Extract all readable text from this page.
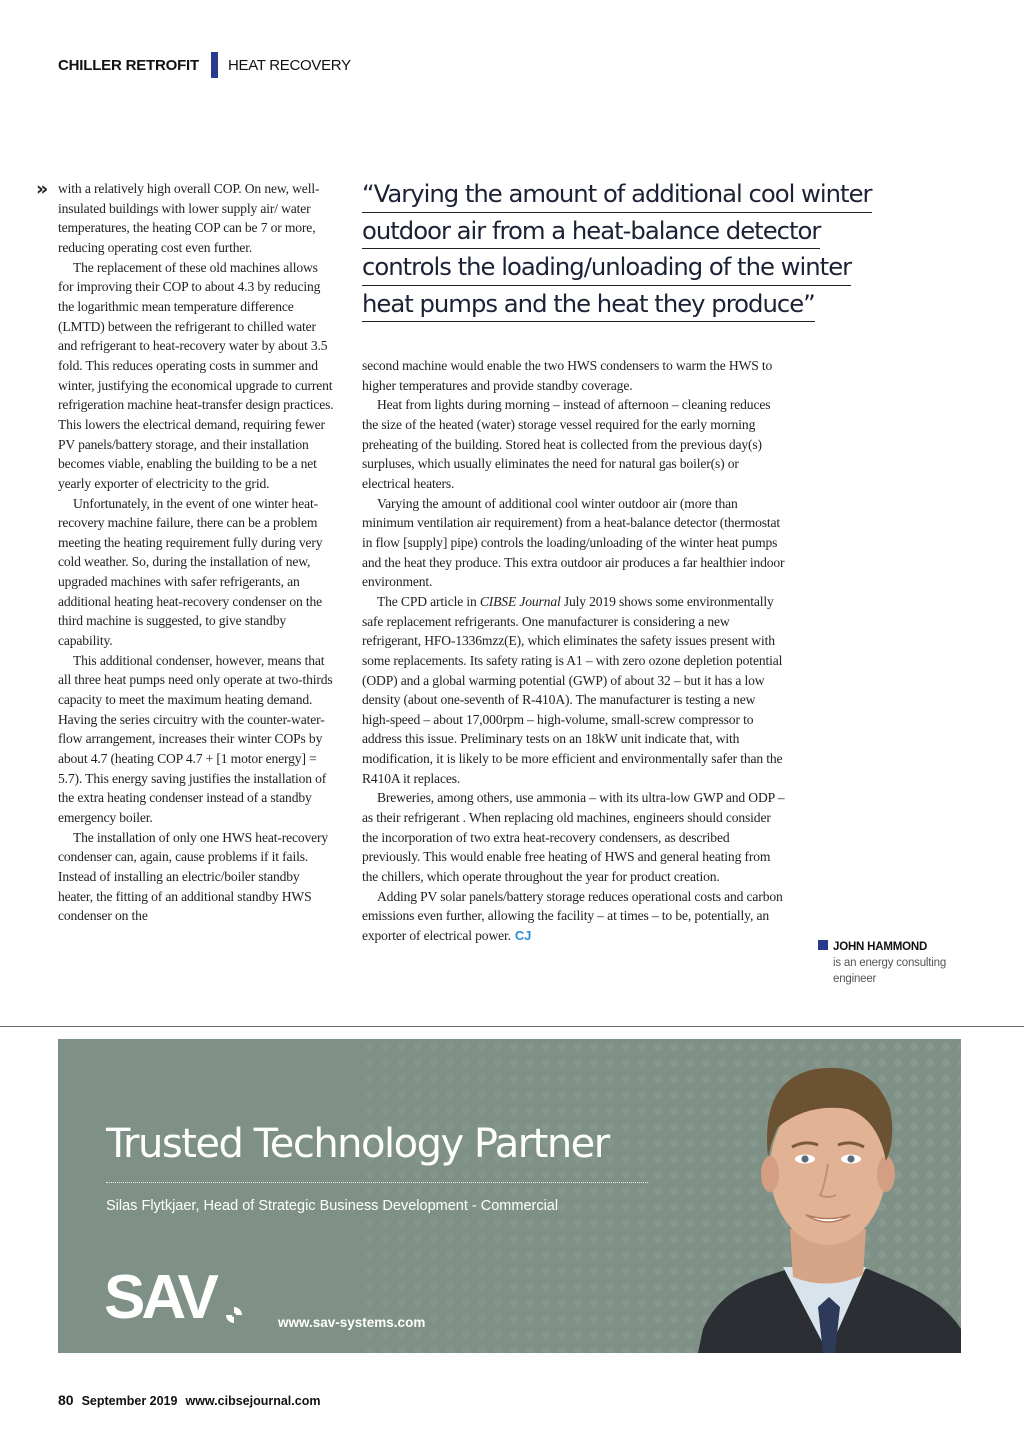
CHILLER RETROFIT HEAT RECOVERY
» with a relatively high overall COP. On new, well-insulated buildings with lower supply air/ water temperatures, the heating COP can be 7 or more, reducing operating cost even further.

The replacement of these old machines allows for improving their COP to about 4.3 by reducing the logarithmic mean temperature difference (LMTD) between the refrigerant to chilled water and refrigerant to heat-recovery water by about 3.5 fold. This reduces operating costs in summer and winter, justifying the economical upgrade to current refrigeration machine heat-transfer design practices. This lowers the electrical demand, requiring fewer PV panels/battery storage, and their installation becomes viable, enabling the building to be a net yearly exporter of electricity to the grid.

Unfortunately, in the event of one winter heat-recovery machine failure, there can be a problem meeting the heating requirement fully during very cold weather. So, during the installation of new, upgraded machines with safer refrigerants, an additional heating heat-recovery condenser on the third machine is suggested, to give standby capability.

This additional condenser, however, means that all three heat pumps need only operate at two-thirds capacity to meet the maximum heating demand. Having the series circuitry with the counter-water-flow arrangement, increases their winter COPs by about 4.7 (heating COP 4.7 + [1 motor energy] = 5.7). This energy saving justifies the installation of the extra heating condenser instead of a standby emergency boiler.

The installation of only one HWS heat-recovery condenser can, again, cause problems if it fails. Instead of installing an electric/boiler standby heater, the fitting of an additional standby HWS condenser on the

“Varying the amount of additional cool winter
outdoor air from a heat-balance detector
controls the loading/unloading of the winter
heat pumps and the heat they produce”

second machine would enable the two HWS condensers to warm the HWS to higher temperatures and provide standby coverage.

Heat from lights during morning – instead of afternoon – cleaning reduces the size of the heated (water) storage vessel required for the early morning preheating of the building. Stored heat is collected from the previous day(s) surpluses, which usually eliminates the need for natural gas boiler(s) or electrical heaters.

Varying the amount of additional cool winter outdoor air (more than minimum ventilation air requirement) from a heat-balance detector (thermostat in flow [supply] pipe) controls the loading/unloading of the winter heat pumps and the heat they produce. This extra outdoor air produces a far healthier indoor environment.

The CPD article in CIBSE Journal July 2019 shows some environmentally safe replacement refrigerants. One manufacturer is considering a new refrigerant, HFO-1336mzz(E), which eliminates the safety issues present with some replacements. Its safety rating is A1 – with zero ozone depletion potential (ODP) and a global warming potential (GWP) of about 32 – but it has a low density (about one-seventh of R-410A). The manufacturer is testing a new high-speed – about 17,000rpm – high-volume, small-screw compressor to address this issue. Preliminary tests on an 18kW unit indicate that, with modification, it is likely to be more efficient and environmentally safer than the R410A it replaces.

Breweries, among others, use ammonia – with its ultra-low GWP and ODP – as their refrigerant . When replacing old machines, engineers should consider the incorporation of two extra heat-recovery condensers, as described previously. This would enable free heating of HWS and general heating from the chillers, which operate throughout the year for product creation.

Adding PV solar panels/battery storage reduces operational costs and carbon emissions even further, allowing the facility – at times – to be, potentially, an exporter of electrical power. CJ

JOHN HAMMOND
is an energy consulting engineer
Trusted Technology Partner
Silas Flytkjaer, Head of Strategic Business Development - Commercial
SAV	www.sav-systems.com
80 September 2019 www.cibsejournal.com
